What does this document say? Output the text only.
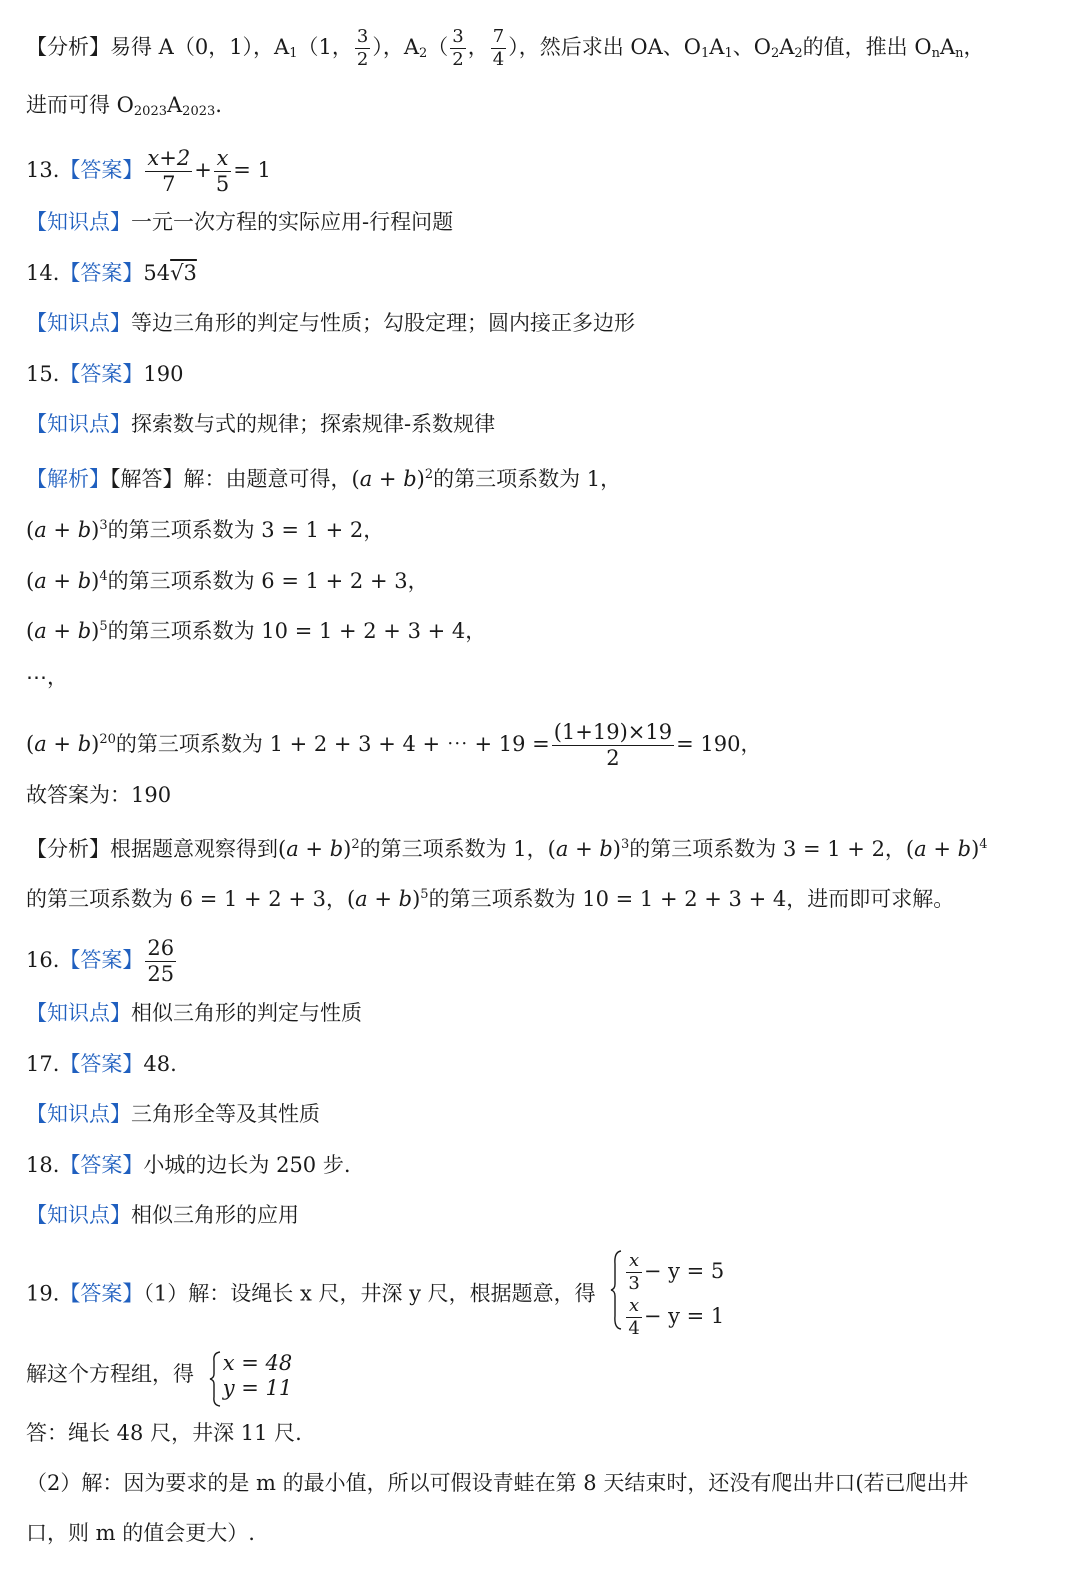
【分析】易得 A（0，1），$A_1(1$， $\frac{3}{2}$ ），$A_2( \frac{3}{2}$ ， $\frac{7}{4}$ ），然后求出 OA、$O_1A_1$、$O_2A_2$的值，推出 $O_nA_n$，
进而可得 $O_{2023}A_{2023}$.
13.【答案】 $\frac{x+2}{7} + \frac{x}{5} = 1$
【知识点】一元一次方程的实际应用-行程问题
14.【答案】54√3
【知识点】等边三角形的判定与性质；勾股定理；圆内接正多边形
15.【答案】190
【知识点】探索数与式的规律；探索规律-系数规律
【解析】【解答】解：由题意可得，$(a + b)^2$的第三项系数为 1，
$(a + b)^3$的第三项系数为 3 = 1 + 2，
$(a + b)^4$的第三项系数为 6 = 1 + 2 + 3，
$(a + b)^5$的第三项系数为 10 = 1 + 2 + 3 + 4，
⋯，
$(a + b)^{20}$的第三项系数为 1 + 2 + 3 + 4 + ⋯ + $19 = \frac{(1+19)\times 19}{2} = 190$，
故答案为：190
【分析】根据题意观察得到$(a + b)^2$的第三项系数为 1，$(a + b)^3$的第三项系数为 3 = 1 + 2，$(a + b)^4$
的第三项系数为 6 = 1 + 2 + 3，$(a + b)^5$的第三项系数为 10 = 1 + 2 + 3 + 4，进而即可求解。
16.【答案】 $\frac{26}{25}$
【知识点】相似三角形的判定与性质
17.【答案】48.
【知识点】三角形全等及其性质
18.【答案】小城的边长为 250 步.
【知识点】相似三角形的应用
19.【答案】（1）解：设绳长 x 尺，井深 y 尺，根据题意，得
$\frac{x}{3} - y = 5$
$\frac{x}{4} - y = 1$
解这个方程组，得 x = 48
y = 11
答：绳长 48 尺，井深 11 尺.
（2）解：因为要求的是 m 的最小值，所以可假设青蛙在第 8 天结束时，还没有爬出井口(若已爬出井
口，则 m 的值会更大）.
